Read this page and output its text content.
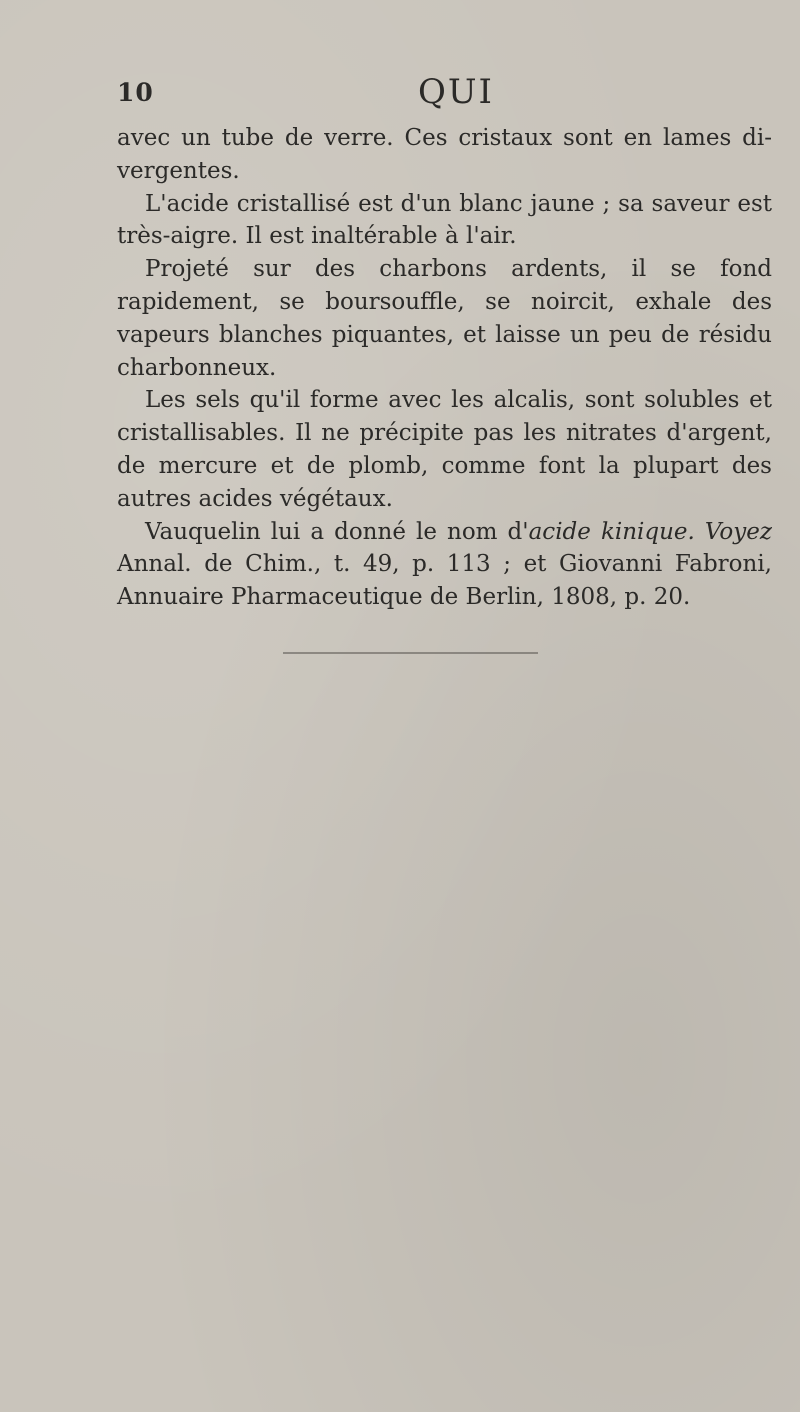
10	QUI

avec un tube de verre. Ces cristaux sont en lames di-vergentes.

L'acide cristallisé est d'un blanc jaune ; sa saveur est très-aigre. Il est inaltérable à l'air.

Projeté sur des charbons ardents, il se fond rapidement, se boursouffle, se noircit, exhale des vapeurs blanches piquantes, et laisse un peu de résidu charbonneux.

Les sels qu'il forme avec les alcalis, sont solubles et cristallisables. Il ne précipite pas les nitrates d'argent, de mercure et de plomb, comme font la plupart des autres acides végétaux.

Vauquelin lui a donné le nom d'acide kinique. Voyez Annal. de Chim., t. 49, p. 113 ; et Giovanni Fabroni, Annuaire Pharmaceutique de Berlin, 1808, p. 20.
